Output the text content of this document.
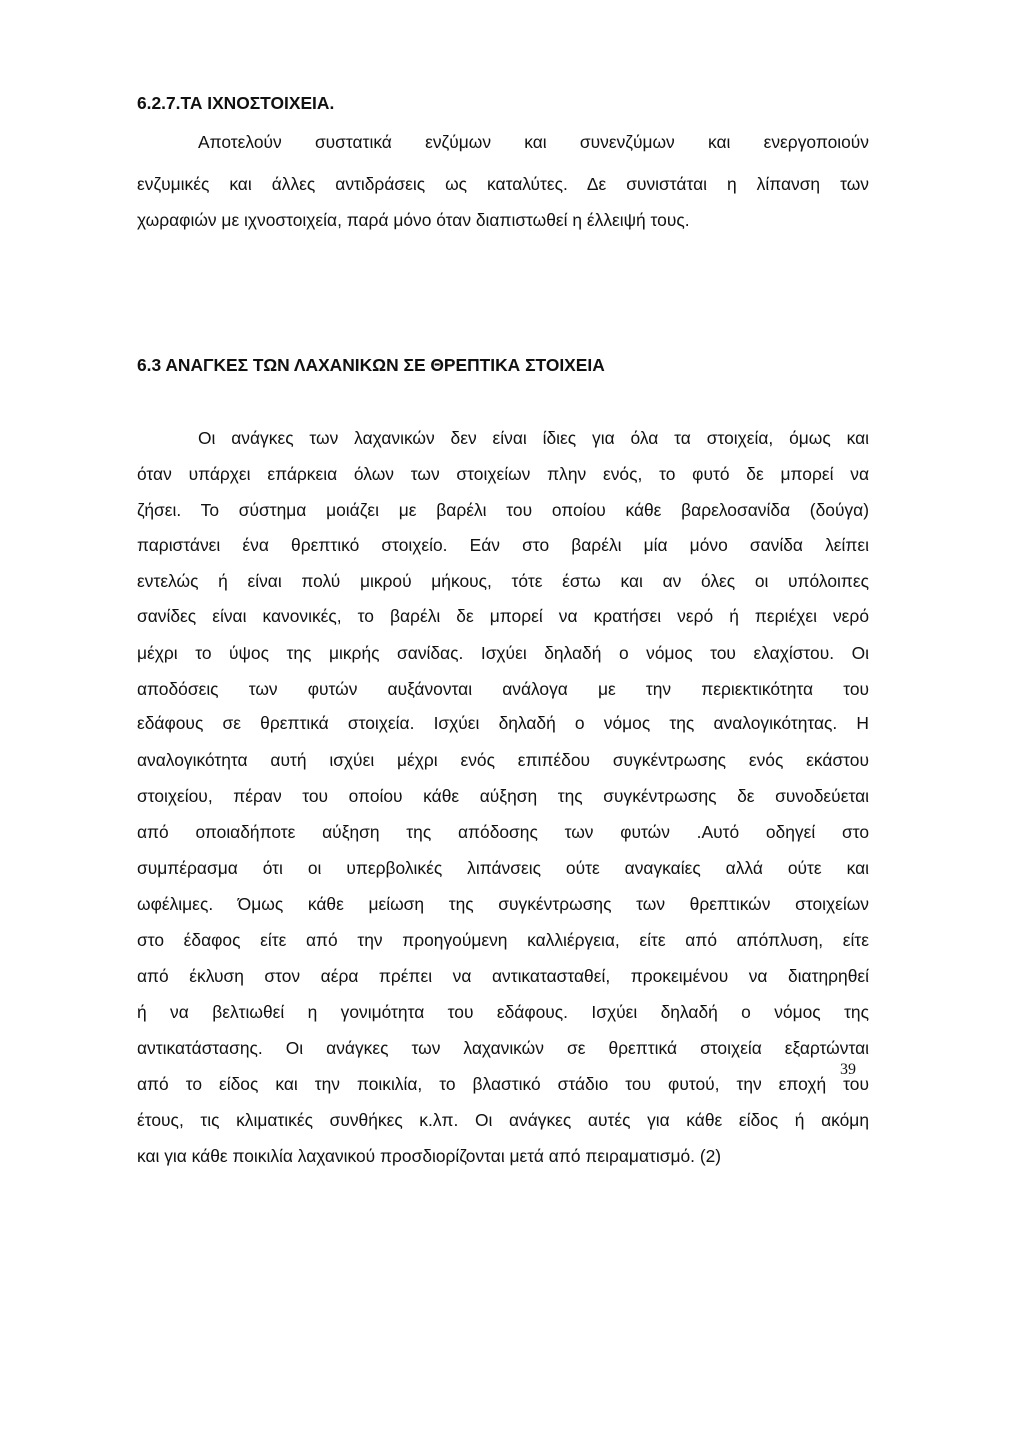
6.2.7.ΤΑ ΙΧΝΟΣΤΟΙΧΕΙΑ.

Αποτελούν συστατικά ενζύμων και συνενζύμων και ενεργοποιούν

ενζυμικές και άλλες αντιδράσεις ως καταλύτες. Δε συνιστάται η λίπανση των

χωραφιών με ιχνοστοιχεία, παρά μόνο όταν διαπιστωθεί η έλλειψή τους.

6.3 ΑΝΑΓΚΕΣ ΤΩΝ ΛΑΧΑΝΙΚΩΝ ΣΕ ΘΡΕΠΤΙΚΑ ΣΤΟΙΧΕΙΑ

Οι ανάγκες των λαχανικών δεν είναι ίδιες για όλα τα στοιχεία, όμως και

όταν υπάρχει επάρκεια όλων των στοιχείων πλην ενός, το φυτό δε μπορεί να

ζήσει. Το σύστημα μοιάζει με βαρέλι του οποίου κάθε βαρελοσανίδα (δούγα)

παριστάνει ένα θρεπτικό στοιχείο. Εάν στο βαρέλι μία μόνο σανίδα λείπει

εντελώς ή είναι πολύ μικρού μήκους, τότε έστω και αν όλες οι υπόλοιπες

σανίδες είναι κανονικές, το βαρέλι δε μπορεί να κρατήσει νερό ή περιέχει νερό

μέχρι το ύψος της μικρής σανίδας. Ισχύει δηλαδή ο νόμος του ελαχίστου. Οι

αποδόσεις των φυτών αυξάνονται ανάλογα με την περιεκτικότητα του

εδάφους σε θρεπτικά στοιχεία. Ισχύει δηλαδή ο νόμος της αναλογικότητας. Η

αναλογικότητα αυτή ισχύει μέχρι ενός επιπέδου συγκέντρωσης ενός εκάστου

στοιχείου, πέραν του οποίου κάθε αύξηση της συγκέντρωσης δε συνοδεύεται

από οποιαδήποτε αύξηση της απόδοσης των φυτών .Αυτό οδηγεί στο

συμπέρασμα ότι οι υπερβολικές λιπάνσεις ούτε αναγκαίες αλλά ούτε και

ωφέλιμες. Όμως κάθε μείωση της συγκέντρωσης των θρεπτικών στοιχείων

στο έδαφος είτε από την προηγούμενη καλλιέργεια, είτε από απόπλυση, είτε

από έκλυση στον αέρα πρέπει να αντικατασταθεί, προκειμένου να διατηρηθεί

ή να βελτιωθεί η γονιμότητα του εδάφους. Ισχύει δηλαδή ο νόμος της

αντικατάστασης. Οι ανάγκες των λαχανικών σε θρεπτικά στοιχεία εξαρτώνται

από το είδος και την ποικιλία, το βλαστικό στάδιο του φυτού, την εποχή του

έτους, τις κλιματικές συνθήκες κ.λπ. Οι ανάγκες αυτές για κάθε είδος ή ακόμη

και για κάθε ποικιλία λαχανικού προσδιορίζονται μετά από πειραματισμό. (2)

39
